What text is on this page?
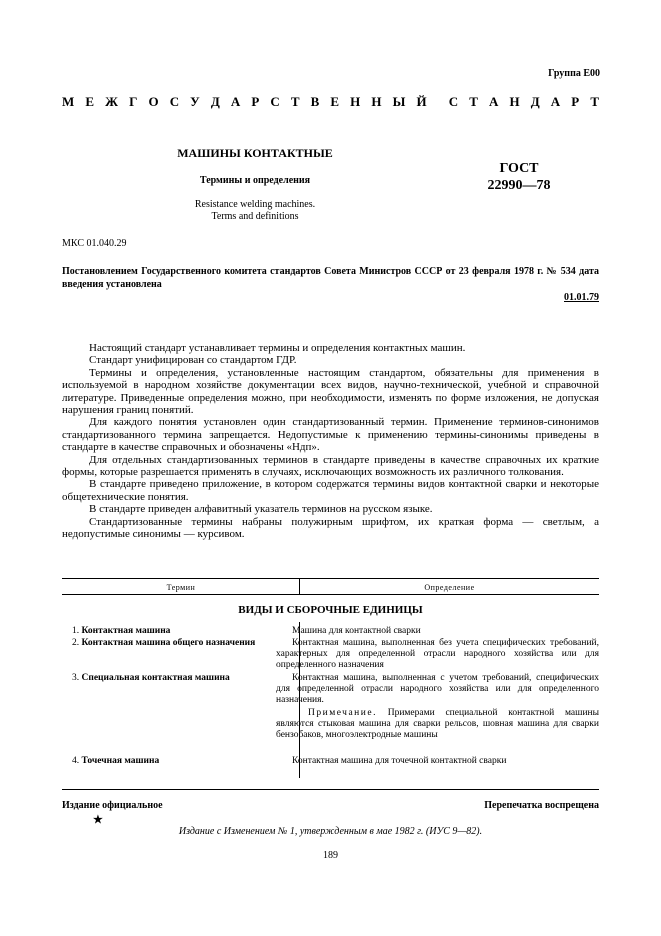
Группа Е00
М Е Ж Г О С У Д А Р С Т В Е Н Н Ы Й С Т А Н Д А Р Т
МАШИНЫ КОНТАКТНЫЕ
Термины и определения
Resistance welding machines.
Terms and definitions
ГОСТ
22990—78
МКС 01.040.29
Постановлением Государственного комитета стандартов Совета Министров СССР от 23 февраля 1978 г. № 534 дата введения установлена
01.01.79

Настоящий стандарт устанавливает термины и определения контактных машин.

Стандарт унифицирован со стандартом ГДР.

Термины и определения, установленные настоящим стандартом, обязательны для применения в используемой в народном хозяйстве документации всех видов, научно-технической, учебной и справочной литературе. Приведенные определения можно, при необходимости, изменять по форме изложения, не допуская нарушения границ понятий.

Для каждого понятия установлен один стандартизованный термин. Применение терминов-синонимов стандартизованного термина запрещается. Недопустимые к применению термины-синонимы приведены в стандарте в качестве справочных и обозначены «Ндп».

Для отдельных стандартизованных терминов в стандарте приведены в качестве справочных их краткие формы, которые разрешается применять в случаях, исключающих возможность их различного толкования.

В стандарте приведено приложение, в котором содержатся термины видов контактной сварки и некоторые общетехнические понятия.

В стандарте приведен алфавитный указатель терминов на русском языке.

Стандартизованные термины набраны полужирным шрифтом, их краткая форма — светлым, а недопустимые синонимы — курсивом.

Термин	Определение
ВИДЫ И СБОРОЧНЫЕ ЕДИНИЦЫ
1. Контактная машина	Машина для контактной сварки

2. Контактная машина общего назначения	Контактная машина, выполненная без учета специфических требований, характерных для определенной отрасли народного хозяйства или для определенного назначения

3. Специальная контактная машина	Контактная машина, выполненная с учетом требований, специфических для определенной отрасли народного хозяйства или для определенного назначения.

Примечание. Примерами специальной контактной машины являются стыковая машина для сварки рельсов, шовная машина для сварки бензобаков, многоэлектродные машины

4. Точечная машина	Контактная машина для точечной контактной сварки

Издание официальное
★
Перепечатка воспрещена
Издание с Изменением № 1, утвержденным в мае 1982 г. (ИУС 9—82).
189
